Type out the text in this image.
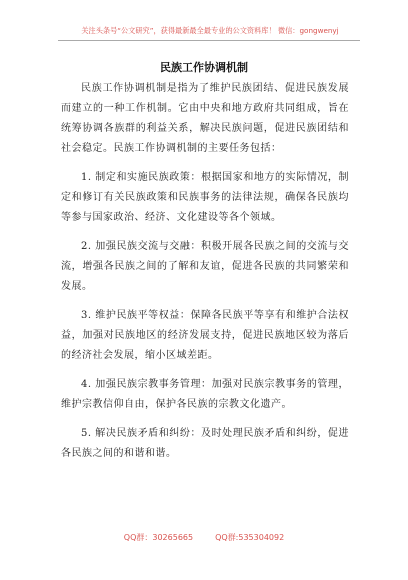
关注头条号“公文研究”，获得最新最全最专业的公文资料库！ 微信：gongwenyj
民族工作协调机制

民族工作协调机制是指为了维护民族团结、促进民族发展而建立的一种工作机制。它由中央和地方政府共同组成，旨在统筹协调各族群的利益关系，解决民族问题，促进民族团结和社会稳定。民族工作协调机制的主要任务包括：

1. 制定和实施民族政策：根据国家和地方的实际情况，制定和修订有关民族政策和民族事务的法律法规，确保各民族均等参与国家政治、经济、文化建设等各个领域。

2. 加强民族交流与交融：积极开展各民族之间的交流与交流，增强各民族之间的了解和友谊，促进各民族的共同繁荣和发展。

3. 维护民族平等权益：保障各民族平等享有和维护合法权益，加强对民族地区的经济发展支持，促进民族地区较为落后的经济社会发展，缩小区域差距。

4. 加强民族宗教事务管理：加强对民族宗教事务的管理，维护宗教信仰自由，保护各民族的宗教文化遗产。

5. 解决民族矛盾和纠纷：及时处理民族矛盾和纠纷，促进各民族之间的和谐和谐。

QQ群：30265665	QQ群:535304092
